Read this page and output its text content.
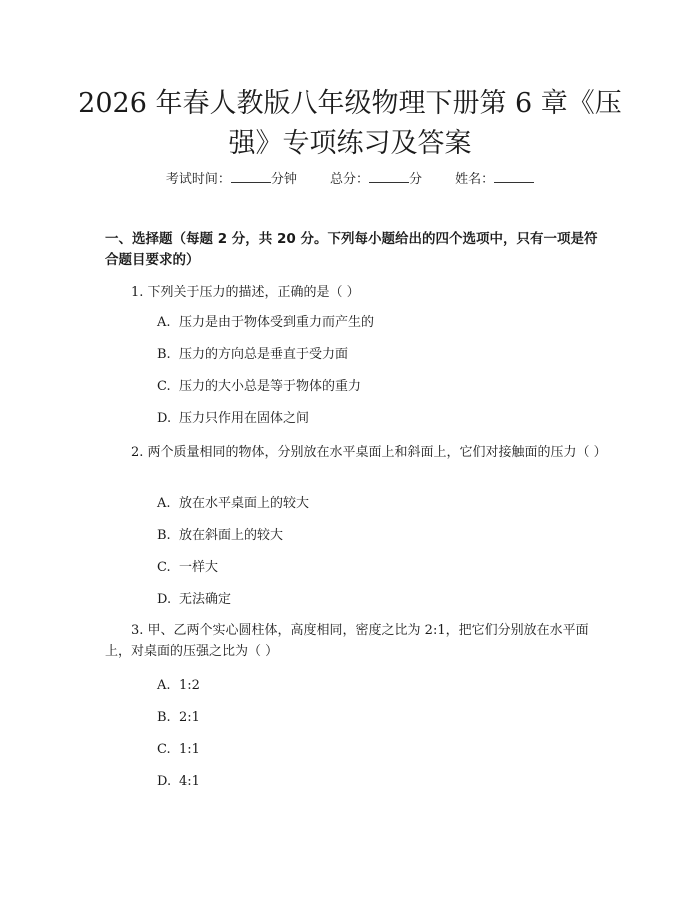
2026 年春人教版八年级物理下册第 6 章《压强》专项练习及答案
考试时间：	分钟	总分：	分	姓名：
一、选择题（每题 2 分，共 20 分。下列每小题给出的四个选项中，只有一项是符合题目要求的）
1. 下列关于压力的描述，正确的是（ ）
A. 压力是由于物体受到重力而产生的
B. 压力的方向总是垂直于受力面
C. 压力的大小总是等于物体的重力
D. 压力只作用在固体之间
2. 两个质量相同的物体，分别放在水平桌面上和斜面上，它们对接触面的压力（ ）
A. 放在水平桌面上的较大
B. 放在斜面上的较大
C. 一样大
D. 无法确定
3. 甲、乙两个实心圆柱体，高度相同，密度之比为 2:1，把它们分别放在水平面上，对桌面的压强之比为（ ）
A. 1:2
B. 2:1
C. 1:1
D. 4:1
